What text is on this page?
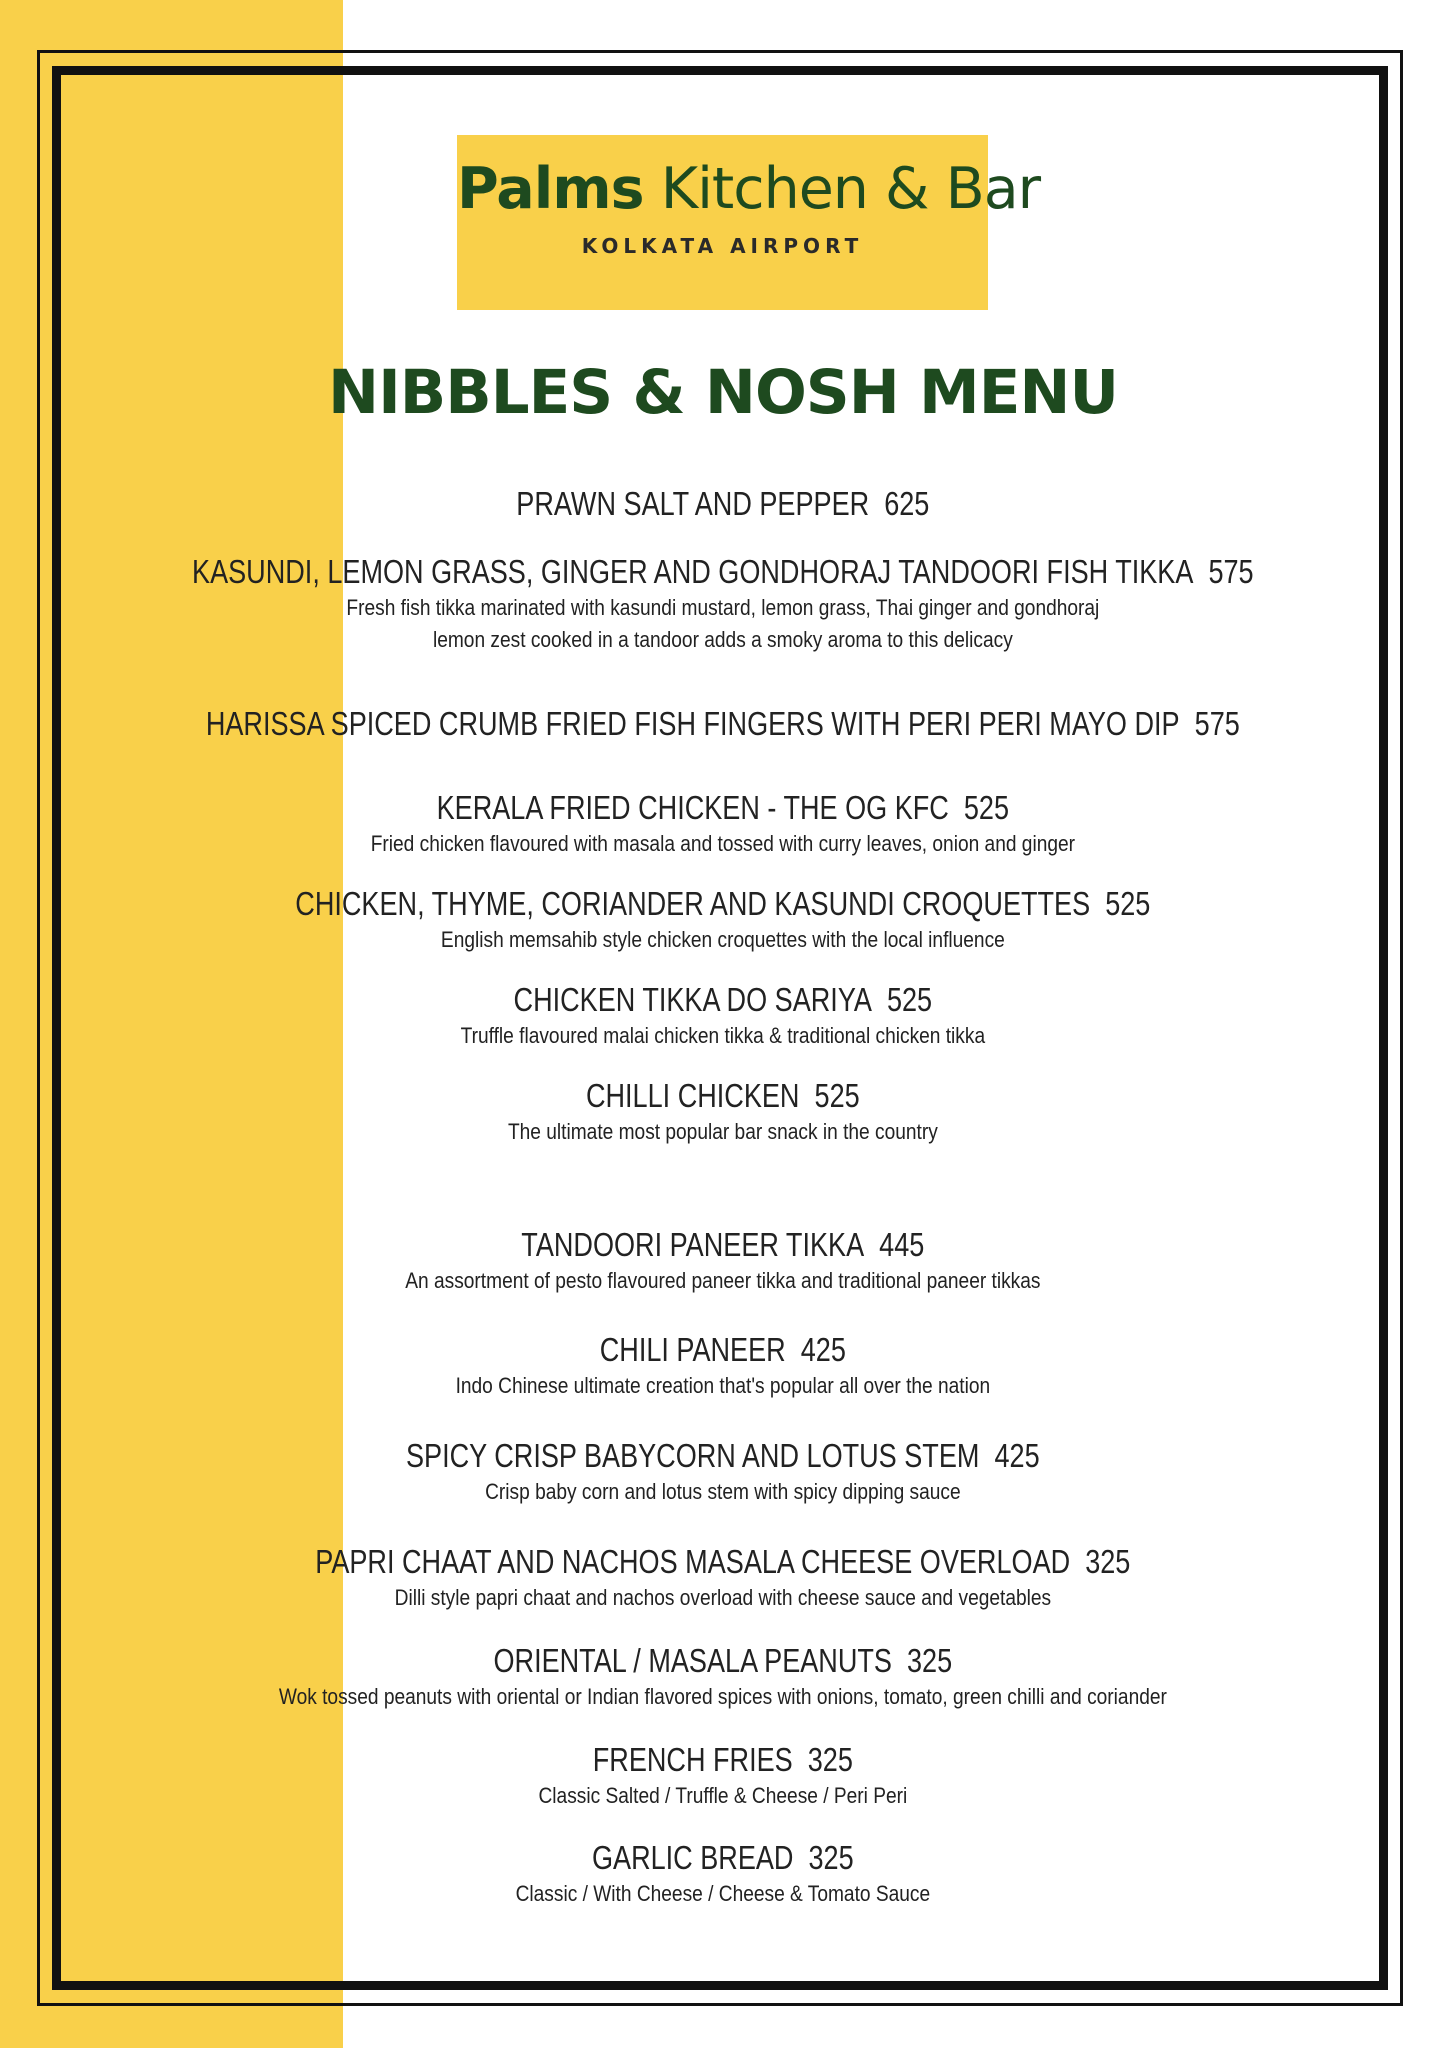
Palms Kitchen & Bar
KOLKATA AIRPORT
NIBBLES & NOSH MENU
PRAWN SALT AND PEPPER 625
KASUNDI, LEMON GRASS, GINGER AND GONDHORAJ TANDOORI FISH TIKKA 575
Fresh fish tikka marinated with kasundi mustard, lemon grass, Thai ginger and gondhoraj
lemon zest cooked in a tandoor adds a smoky aroma to this delicacy
HARISSA SPICED CRUMB FRIED FISH FINGERS WITH PERI PERI MAYO DIP 575
KERALA FRIED CHICKEN - THE OG KFC 525
Fried chicken flavoured with masala and tossed with curry leaves, onion and ginger
CHICKEN, THYME, CORIANDER AND KASUNDI CROQUETTES 525
English memsahib style chicken croquettes with the local influence
CHICKEN TIKKA DO SARIYA 525
Truffle flavoured malai chicken tikka & traditional chicken tikka
CHILLI CHICKEN 525
The ultimate most popular bar snack in the country
TANDOORI PANEER TIKKA 445
An assortment of pesto flavoured paneer tikka and traditional paneer tikkas
CHILI PANEER 425
Indo Chinese ultimate creation that's popular all over the nation
SPICY CRISP BABYCORN AND LOTUS STEM 425
Crisp baby corn and lotus stem with spicy dipping sauce
PAPRI CHAAT AND NACHOS MASALA CHEESE OVERLOAD 325
Dilli style papri chaat and nachos overload with cheese sauce and vegetables
ORIENTAL / MASALA PEANUTS 325
Wok tossed peanuts with oriental or Indian flavored spices with onions, tomato, green chilli and coriander
FRENCH FRIES 325
Classic Salted / Truffle & Cheese / Peri Peri
GARLIC BREAD 325
Classic / With Cheese / Cheese & Tomato Sauce
